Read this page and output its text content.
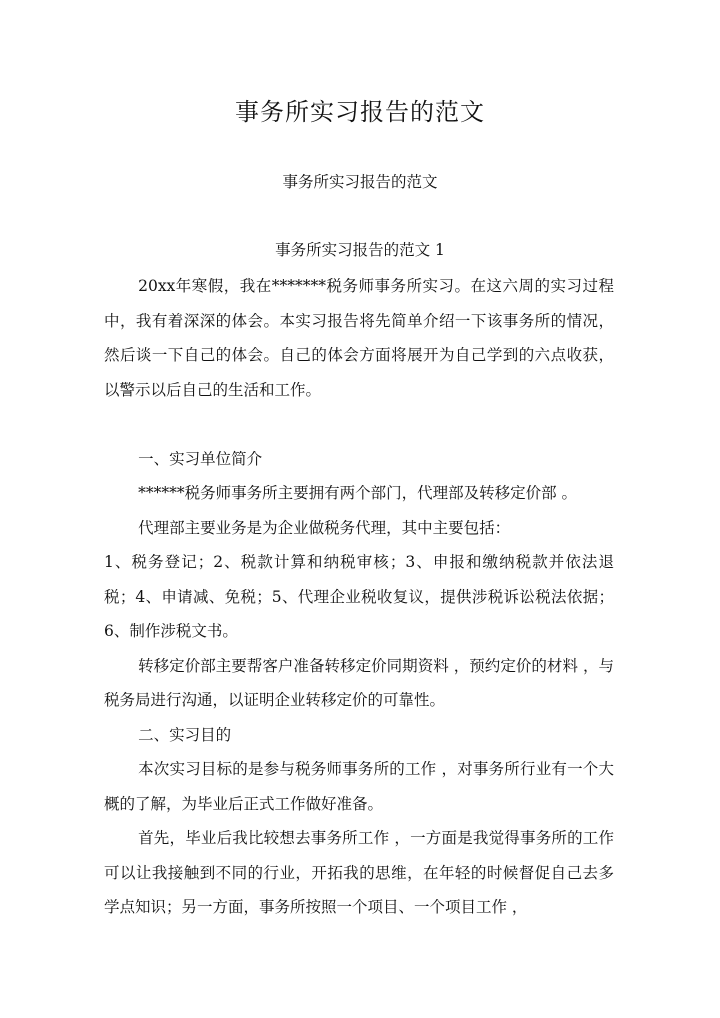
事务所实习报告的范文
事务所实习报告的范文
事务所实习报告的范文 1

20xx年寒假，我在*******税务师事务所实习。在这六周的实习过程中，我有着深深的体会。本实习报告将先简单介绍一下该事务所的情况，然后谈一下自己的体会。自己的体会方面将展开为自己学到的六点收获，以警示以后自己的生活和工作。

一、实习单位简介

******税务师事务所主要拥有两个部门，代理部及转移定价部 。

代理部主要业务是为企业做税务代理，其中主要包括：

1、税务登记；2、税款计算和纳税审核；3、申报和缴纳税款并依法退税；4、申请减、免税；5、代理企业税收复议，提供涉税诉讼税法依据；6、制作涉税文书。

转移定价部主要帮客户准备转移定价同期资料 ，预约定价的材料 ，与税务局进行沟通，以证明企业转移定价的可靠性。

二、实习目的

本次实习目标的是参与税务师事务所的工作 ，对事务所行业有一个大概的了解，为毕业后正式工作做好准备。

首先，毕业后我比较想去事务所工作 ，一方面是我觉得事务所的工作可以让我接触到不同的行业，开拓我的思维，在年轻的时候督促自己去多学点知识；另一方面，事务所按照一个项目、一个项目工作 ，
